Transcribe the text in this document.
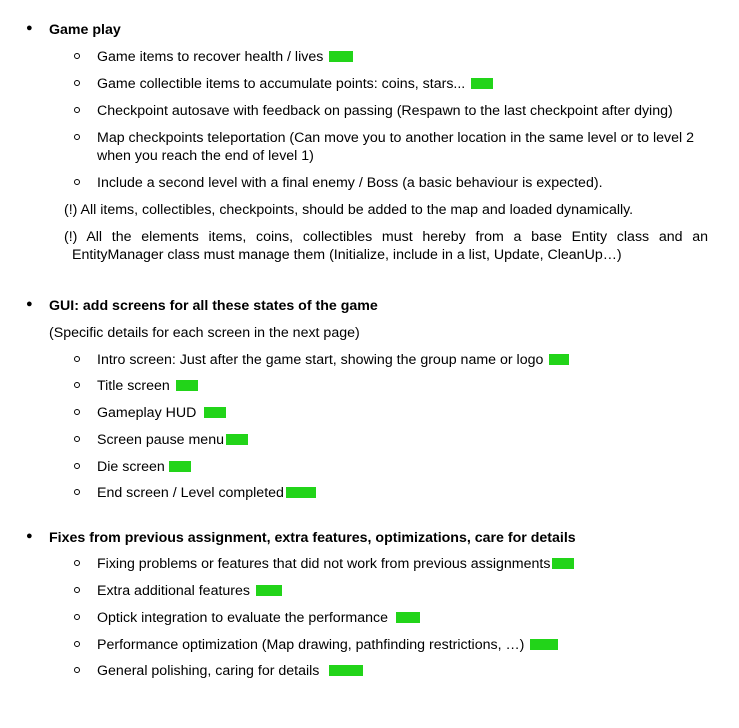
● Game play
Game items to recover health / lives
Game collectible items to accumulate points: coins, stars...
Checkpoint autosave with feedback on passing (Respawn to the last checkpoint after dying)
Map checkpoints teleportation (Can move you to another location in the same level or to level 2 when you reach the end of level 1)
Include a second level with a final enemy / Boss (a basic behaviour is expected).
(!) All items, collectibles, checkpoints, should be added to the map and loaded dynamically.
(!) All the elements items, coins, collectibles must hereby from a base Entity class and an EntityManager class must manage them (Initialize, include in a list, Update, CleanUp…)
● GUI: add screens for all these states of the game
(Specific details for each screen in the next page)
Intro screen: Just after the game start, showing the group name or logo
Title screen
Gameplay HUD
Screen pause menu
Die screen
End screen / Level completed
● Fixes from previous assignment, extra features, optimizations, care for details
Fixing problems or features that did not work from previous assignments
Extra additional features
Optick integration to evaluate the performance
Performance optimization (Map drawing, pathfinding restrictions, …)
General polishing, caring for details
